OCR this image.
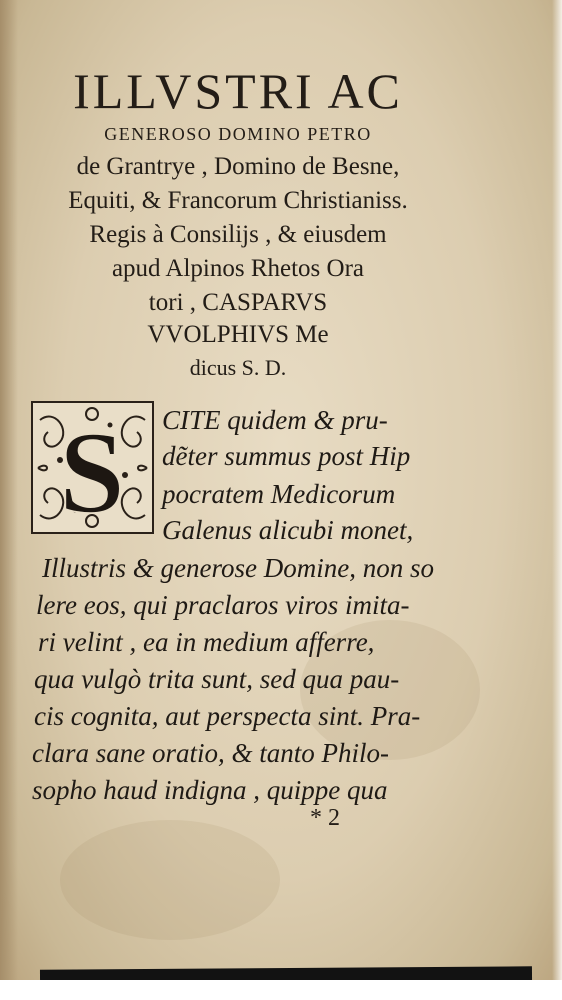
ILLVSTRI AC
GENEROSO DOMINO PETRO
de Grantrye , Domino de Besne,
Equiti, & Francorum Christianiss.
Regis à Consilijs , & eiusdem
apud Alpinos Rhetos Ora
tori , CASPARVS
VVOLPHIVS Me
dicus S. D.
S CITE quidem & pru-
dẽter summus post Hip
pocratem Medicorum
Galenus alicubi monet,
Illustris & generose Domine, non so
lere eos, qui praclaros viros imita-
ri velint , ea in medium afferre,
qua vulgò trita sunt, sed qua pau-
cis cognita, aut perspecta sint. Pra-
clara sane oratio, & tanto Philo-
sopho haud indigna , quippe qua
* 2
